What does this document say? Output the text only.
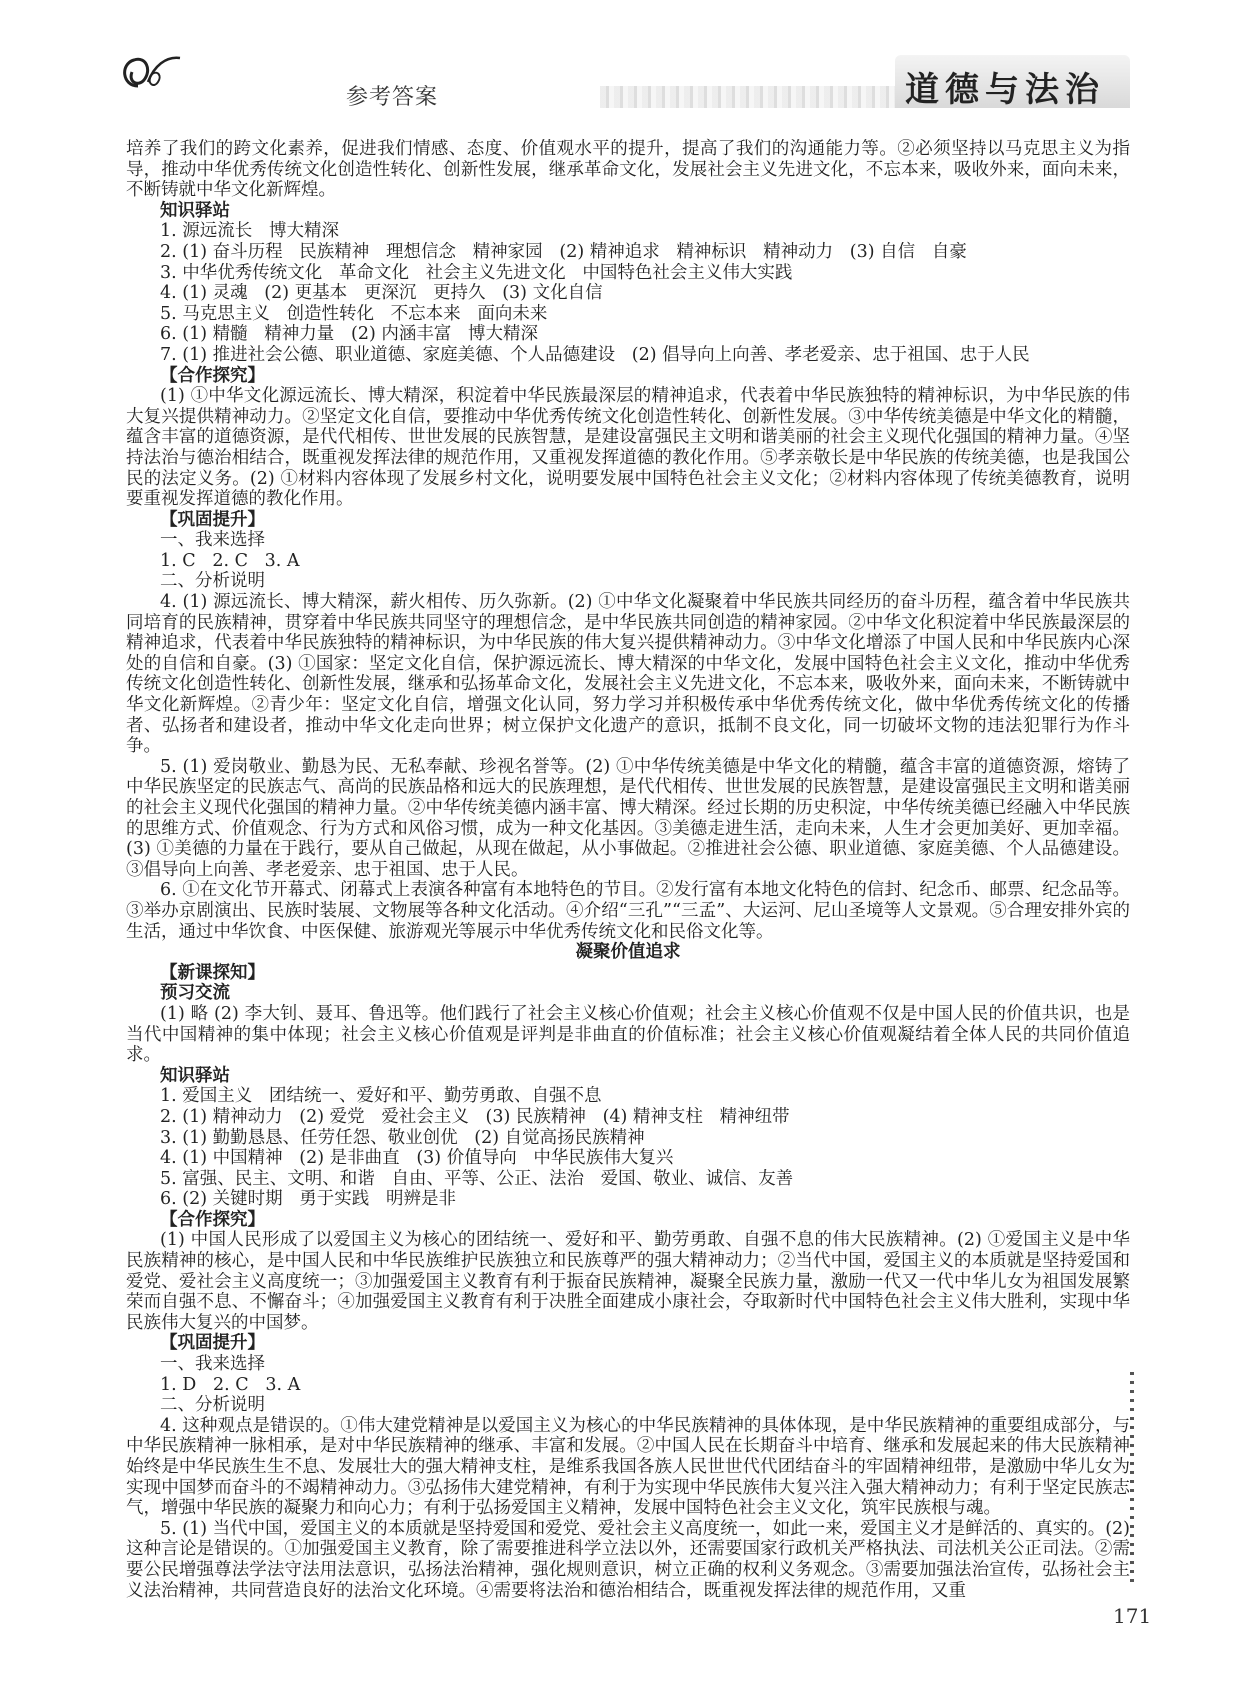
参考答案	道德与法治

培养了我们的跨文化素养，促进我们情感、态度、价值观水平的提升，提高了我们的沟通能力等。②必须坚持以马克思主义为指导，推动中华优秀传统文化创造性转化、创新性发展，继承革命文化，发展社会主义先进文化，不忘本来，吸收外来，面向未来，不断铸就中华文化新辉煌。

知识驿站

1. 源远流长   博大精深

2. (1) 奋斗历程   民族精神   理想信念   精神家园   (2) 精神追求   精神标识   精神动力   (3) 自信   自豪

3. 中华优秀传统文化   革命文化   社会主义先进文化   中国特色社会主义伟大实践

4. (1) 灵魂   (2) 更基本   更深沉   更持久   (3) 文化自信

5. 马克思主义   创造性转化   不忘本来   面向未来

6. (1) 精髓   精神力量   (2) 内涵丰富   博大精深

7. (1) 推进社会公德、职业道德、家庭美德、个人品德建设   (2) 倡导向上向善、孝老爱亲、忠于祖国、忠于人民

【合作探究】

(1) ①中华文化源远流长、博大精深，积淀着中华民族最深层的精神追求，代表着中华民族独特的精神标识，为中华民族的伟大复兴提供精神动力。②坚定文化自信，要推动中华优秀传统文化创造性转化、创新性发展。③中华传统美德是中华文化的精髓，蕴含丰富的道德资源，是代代相传、世世发展的民族智慧，是建设富强民主文明和谐美丽的社会主义现代化强国的精神力量。④坚持法治与德治相结合，既重视发挥法律的规范作用，又重视发挥道德的教化作用。⑤孝亲敬长是中华民族的传统美德，也是我国公民的法定义务。(2) ①材料内容体现了发展乡村文化，说明要发展中国特色社会主义文化；②材料内容体现了传统美德教育，说明要重视发挥道德的教化作用。

【巩固提升】

一、我来选择

1. C   2. C   3. A

二、分析说明

4. (1) 源远流长、博大精深，薪火相传、历久弥新。(2) ①中华文化凝聚着中华民族共同经历的奋斗历程，蕴含着中华民族共同培育的民族精神，贯穿着中华民族共同坚守的理想信念，是中华民族共同创造的精神家园。②中华文化积淀着中华民族最深层的精神追求，代表着中华民族独特的精神标识，为中华民族的伟大复兴提供精神动力。③中华文化增添了中国人民和中华民族内心深处的自信和自豪。(3) ①国家：坚定文化自信，保护源远流长、博大精深的中华文化，发展中国特色社会主义文化，推动中华优秀传统文化创造性转化、创新性发展，继承和弘扬革命文化，发展社会主义先进文化，不忘本来，吸收外来，面向未来，不断铸就中华文化新辉煌。②青少年：坚定文化自信，增强文化认同，努力学习并积极传承中华优秀传统文化，做中华优秀传统文化的传播者、弘扬者和建设者，推动中华文化走向世界；树立保护文化遗产的意识，抵制不良文化，同一切破坏文物的违法犯罪行为作斗争。

5. (1) 爱岗敬业、勤恳为民、无私奉献、珍视名誉等。(2) ①中华传统美德是中华文化的精髓，蕴含丰富的道德资源，熔铸了中华民族坚定的民族志气、高尚的民族品格和远大的民族理想，是代代相传、世世发展的民族智慧，是建设富强民主文明和谐美丽的社会主义现代化强国的精神力量。②中华传统美德内涵丰富、博大精深。经过长期的历史积淀，中华传统美德已经融入中华民族的思维方式、价值观念、行为方式和风俗习惯，成为一种文化基因。③美德走进生活，走向未来，人生才会更加美好、更加幸福。(3) ①美德的力量在于践行，要从自己做起，从现在做起，从小事做起。②推进社会公德、职业道德、家庭美德、个人品德建设。③倡导向上向善、孝老爱亲、忠于祖国、忠于人民。

6. ①在文化节开幕式、闭幕式上表演各种富有本地特色的节目。②发行富有本地文化特色的信封、纪念币、邮票、纪念品等。③举办京剧演出、民族时装展、文物展等各种文化活动。④介绍“三孔”“三孟”、大运河、尼山圣境等人文景观。⑤合理安排外宾的生活，通过中华饮食、中医保健、旅游观光等展示中华优秀传统文化和民俗文化等。

凝聚价值追求

【新课探知】

预习交流

(1) 略 (2) 李大钊、聂耳、鲁迅等。他们践行了社会主义核心价值观；社会主义核心价值观不仅是中国人民的价值共识，也是当代中国精神的集中体现；社会主义核心价值观是评判是非曲直的价值标准；社会主义核心价值观凝结着全体人民的共同价值追求。

知识驿站

1. 爱国主义   团结统一、爱好和平、勤劳勇敢、自强不息

2. (1) 精神动力   (2) 爱党   爱社会主义   (3) 民族精神   (4) 精神支柱   精神纽带

3. (1) 勤勤恳恳、任劳任怨、敬业创优   (2) 自觉高扬民族精神

4. (1) 中国精神   (2) 是非曲直   (3) 价值导向   中华民族伟大复兴

5. 富强、民主、文明、和谐   自由、平等、公正、法治   爱国、敬业、诚信、友善

6. (2) 关键时期   勇于实践   明辨是非

【合作探究】

(1) 中国人民形成了以爱国主义为核心的团结统一、爱好和平、勤劳勇敢、自强不息的伟大民族精神。(2) ①爱国主义是中华民族精神的核心，是中国人民和中华民族维护民族独立和民族尊严的强大精神动力；②当代中国，爱国主义的本质就是坚持爱国和爱党、爱社会主义高度统一；③加强爱国主义教育有利于振奋民族精神，凝聚全民族力量，激励一代又一代中华儿女为祖国发展繁荣而自强不息、不懈奋斗；④加强爱国主义教育有利于决胜全面建成小康社会，夺取新时代中国特色社会主义伟大胜利，实现中华民族伟大复兴的中国梦。

【巩固提升】

一、我来选择

1. D   2. C   3. A

二、分析说明

4. 这种观点是错误的。①伟大建党精神是以爱国主义为核心的中华民族精神的具体体现，是中华民族精神的重要组成部分，与中华民族精神一脉相承，是对中华民族精神的继承、丰富和发展。②中国人民在长期奋斗中培育、继承和发展起来的伟大民族精神始终是中华民族生生不息、发展壮大的强大精神支柱，是维系我国各族人民世世代代团结奋斗的牢固精神纽带，是激励中华儿女为实现中国梦而奋斗的不竭精神动力。③弘扬伟大建党精神，有利于为实现中华民族伟大复兴注入强大精神动力；有利于坚定民族志气，增强中华民族的凝聚力和向心力；有利于弘扬爱国主义精神，发展中国特色社会主义文化，筑牢民族根与魂。

5. (1) 当代中国，爱国主义的本质就是坚持爱国和爱党、爱社会主义高度统一，如此一来，爱国主义才是鲜活的、真实的。(2) 这种言论是错误的。①加强爱国主义教育，除了需要推进科学立法以外，还需要国家行政机关严格执法、司法机关公正司法。②需要公民增强尊法学法守法用法意识，弘扬法治精神，强化规则意识，树立正确的权利义务观念。③需要加强法治宣传，弘扬社会主义法治精神，共同营造良好的法治文化环境。④需要将法治和德治相结合，既重视发挥法律的规范作用，又重

171
